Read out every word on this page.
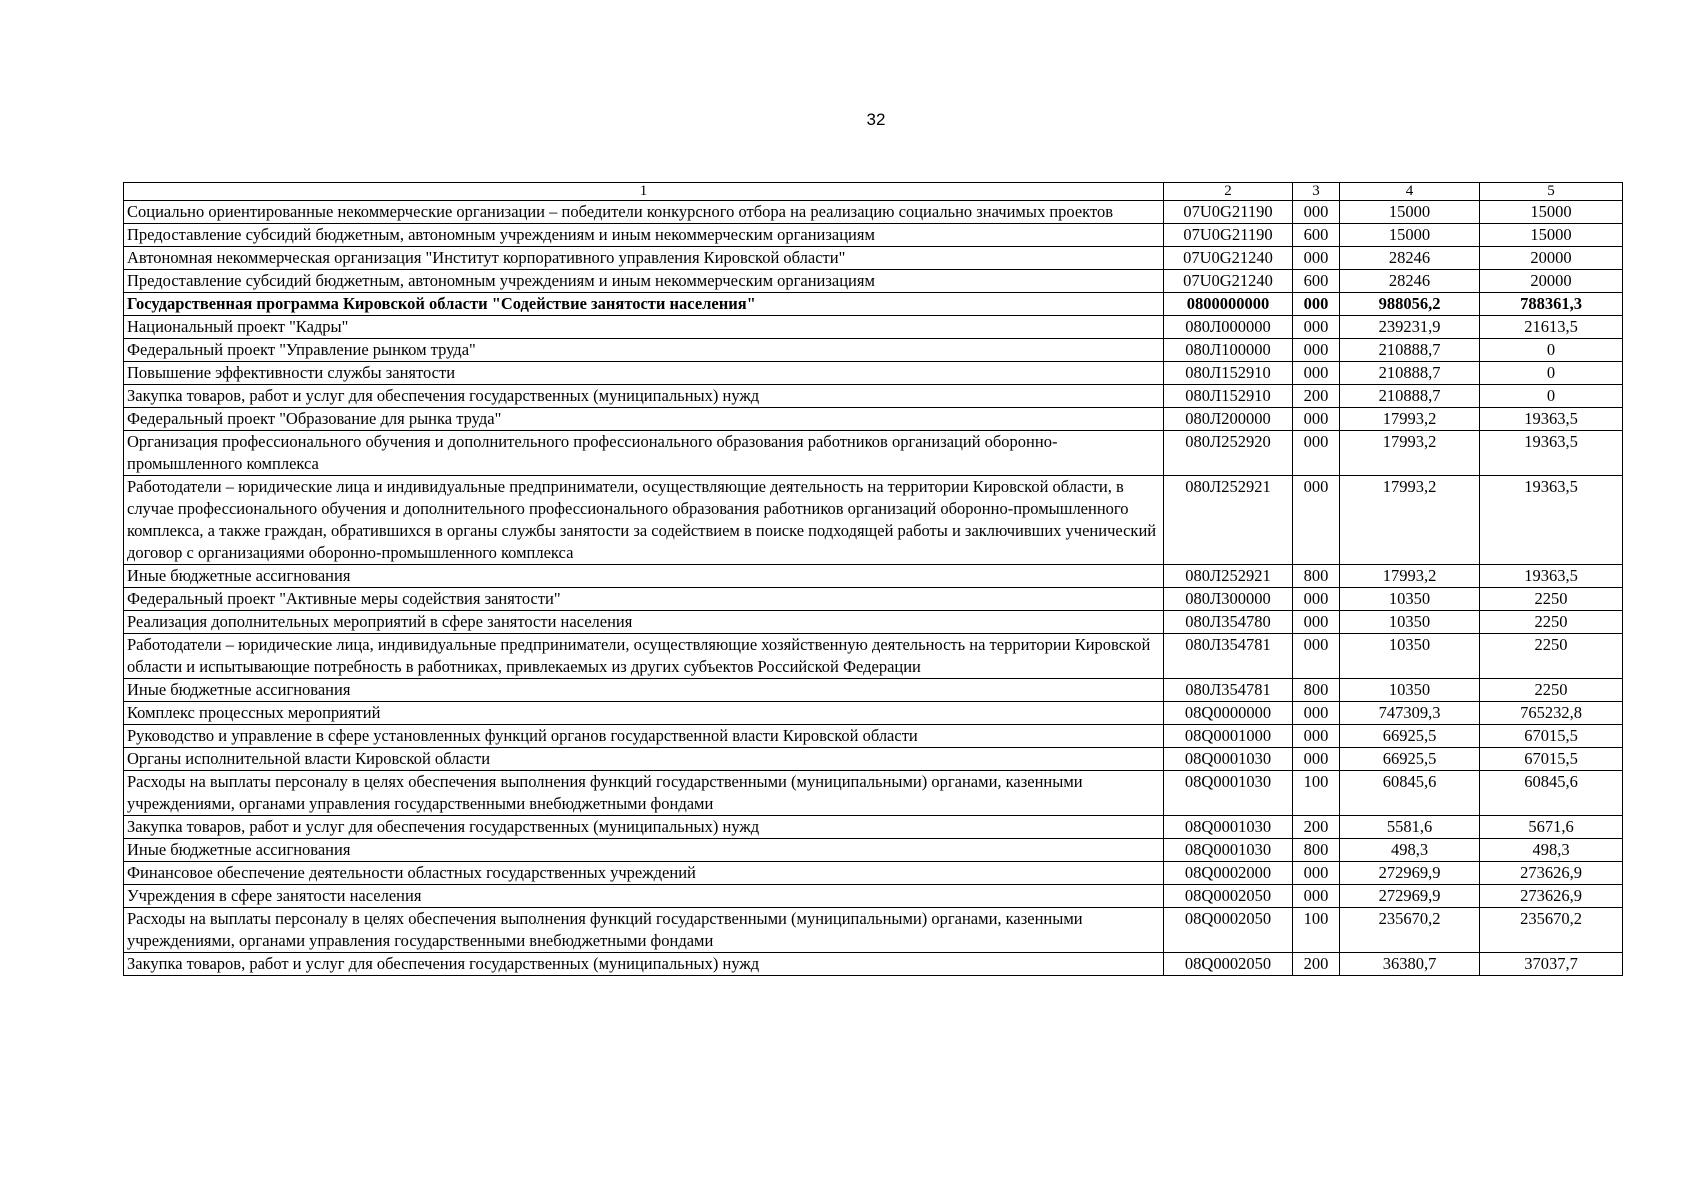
32
1	2	3	4	5
Социально ориентированные некоммерческие организации – победители конкурсного отбора на реализацию социально значимых проектов	07U0G21190	000	15000	15000
Предоставление субсидий бюджетным, автономным учреждениям и иным некоммерческим организациям	07U0G21190	600	15000	15000
Автономная некоммерческая организация "Институт корпоративного управления Кировской области"	07U0G21240	000	28246	20000
Предоставление субсидий бюджетным, автономным учреждениям и иным некоммерческим организациям	07U0G21240	600	28246	20000
Государственная программа Кировской области "Содействие занятости населения"	0800000000	000	988056,2	788361,3
Национальный проект "Кадры"	080Л000000	000	239231,9	21613,5
Федеральный проект "Управление рынком труда"	080Л100000	000	210888,7	0
Повышение эффективности службы занятости	080Л152910	000	210888,7	0
Закупка товаров, работ и услуг для обеспечения государственных (муниципальных) нужд	080Л152910	200	210888,7	0
Федеральный проект "Образование для рынка труда"	080Л200000	000	17993,2	19363,5
Организация профессионального обучения и дополнительного профессионального образования работников организаций оборонно-промышленного комплекса	080Л252920	000	17993,2	19363,5
Работодатели – юридические лица и индивидуальные предприниматели, осуществляющие деятельность на территории Кировской области, в случае профессионального обучения и дополнительного профессионального образования работников организаций оборонно-промышленного комплекса, а также граждан, обратившихся в органы службы занятости за содействием в поиске подходящей работы и заключивших ученический договор с организациями оборонно-промышленного комплекса	080Л252921	000	17993,2	19363,5
Иные бюджетные ассигнования	080Л252921	800	17993,2	19363,5
Федеральный проект "Активные меры содействия занятости"	080Л300000	000	10350	2250
Реализация дополнительных мероприятий в сфере занятости населения	080Л354780	000	10350	2250
Работодатели – юридические лица, индивидуальные предприниматели, осуществляющие хозяйственную деятельность на территории Кировской области и испытывающие потребность в работниках, привлекаемых из других субъектов Российской Федерации	080Л354781	000	10350	2250
Иные бюджетные ассигнования	080Л354781	800	10350	2250
Комплекс процессных мероприятий	08Q0000000	000	747309,3	765232,8
Руководство и управление в сфере установленных функций органов государственной власти Кировской области	08Q0001000	000	66925,5	67015,5
Органы исполнительной власти Кировской области	08Q0001030	000	66925,5	67015,5
Расходы на выплаты персоналу в целях обеспечения выполнения функций государственными (муниципальными) органами, казенными учреждениями, органами управления государственными внебюджетными фондами	08Q0001030	100	60845,6	60845,6
Закупка товаров, работ и услуг для обеспечения государственных (муниципальных) нужд	08Q0001030	200	5581,6	5671,6
Иные бюджетные ассигнования	08Q0001030	800	498,3	498,3
Финансовое обеспечение деятельности областных государственных учреждений	08Q0002000	000	272969,9	273626,9
Учреждения в сфере занятости населения	08Q0002050	000	272969,9	273626,9
Расходы на выплаты персоналу в целях обеспечения выполнения функций государственными (муниципальными) органами, казенными учреждениями, органами управления государственными внебюджетными фондами	08Q0002050	100	235670,2	235670,2
Закупка товаров, работ и услуг для обеспечения государственных (муниципальных) нужд	08Q0002050	200	36380,7	37037,7
